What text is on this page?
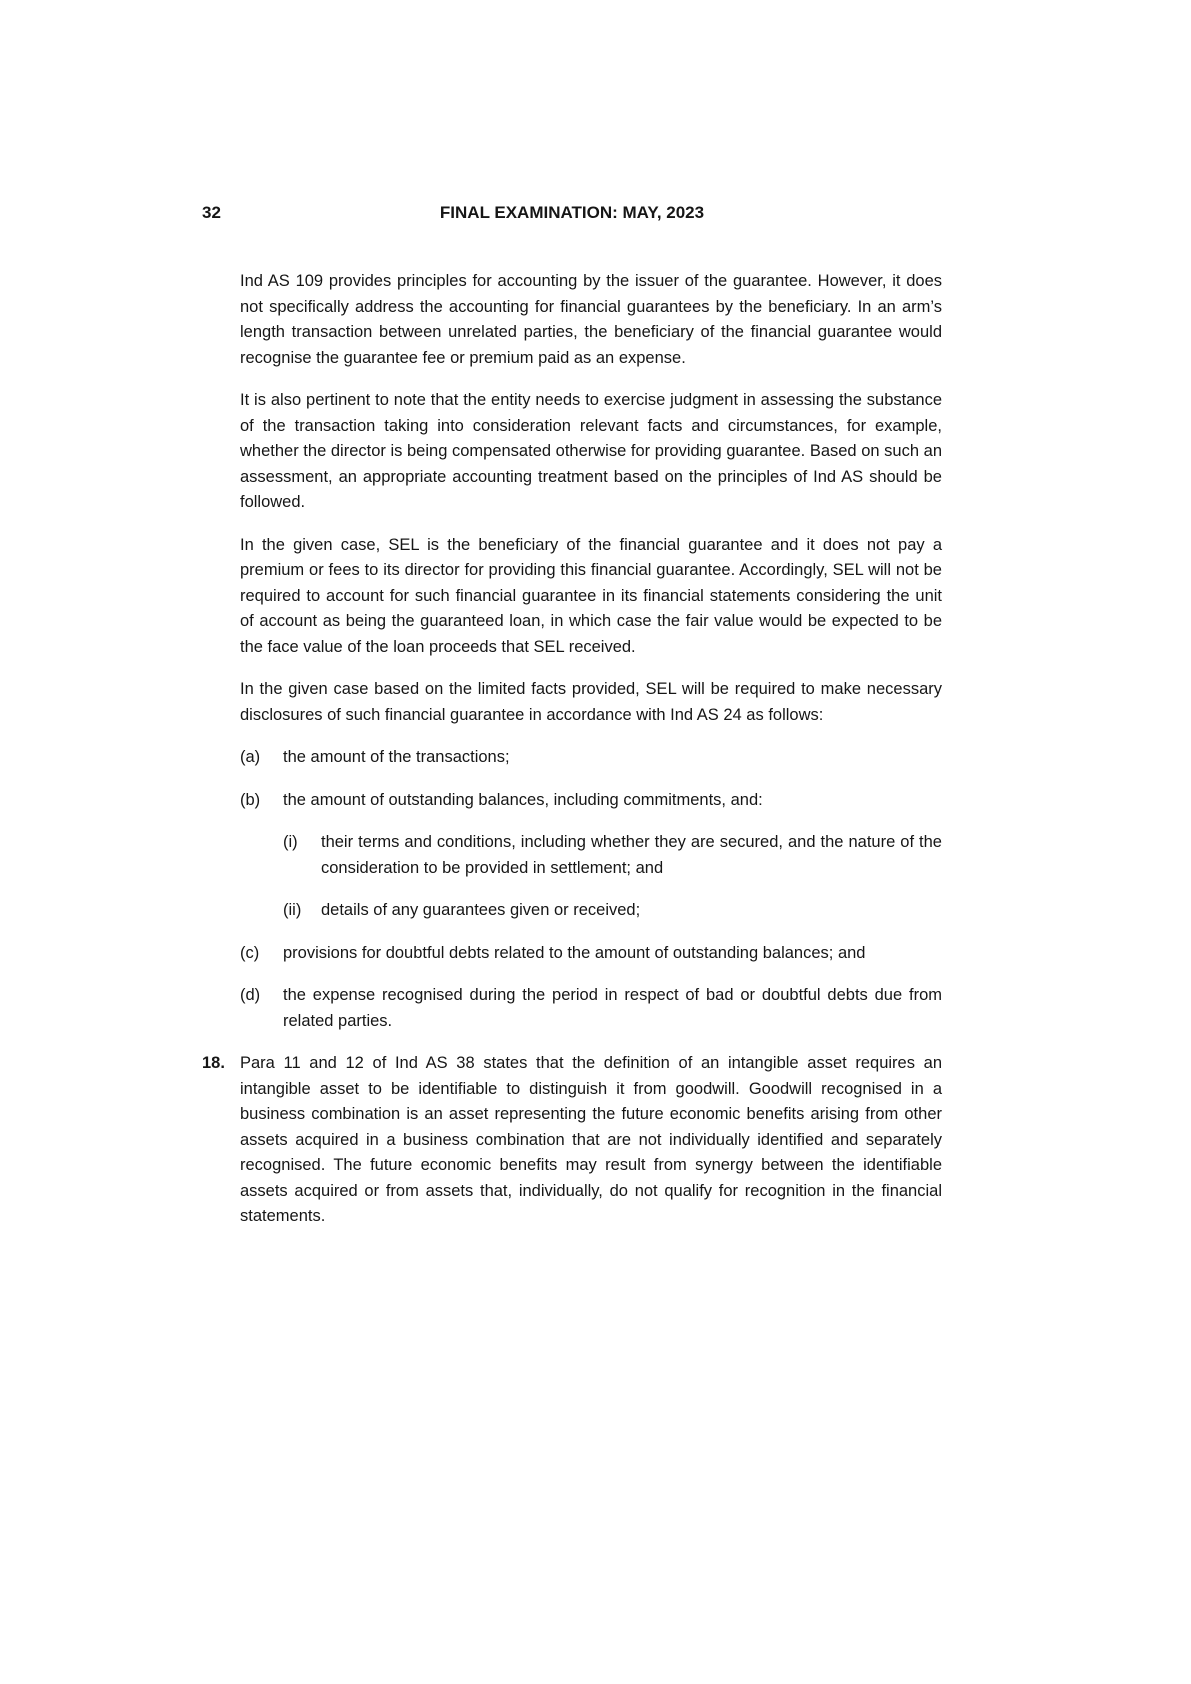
32	FINAL EXAMINATION: MAY, 2023

Ind AS 109 provides principles for accounting by the issuer of the guarantee. However, it does not specifically address the accounting for financial guarantees by the beneficiary. In an arm’s length transaction between unrelated parties, the beneficiary of the financial guarantee would recognise the guarantee fee or premium paid as an expense.

It is also pertinent to note that the entity needs to exercise judgment in assessing the substance of the transaction taking into consideration relevant facts and circumstances, for example, whether the director is being compensated otherwise for providing guarantee. Based on such an assessment, an appropriate accounting treatment based on the principles of Ind AS should be followed.

In the given case, SEL is the beneficiary of the financial guarantee and it does not pay a premium or fees to its director for providing this financial guarantee. Accordingly, SEL will not be required to account for such financial guarantee in its financial statements considering the unit of account as being the guaranteed loan, in which case the fair value would be expected to be the face value of the loan proceeds that SEL received.

In the given case based on the limited facts provided, SEL will be required to make necessary disclosures of such financial guarantee in accordance with Ind AS 24 as follows:

(a)	the amount of the transactions;
(b)	the amount of outstanding balances, including commitments, and:
(i)	their terms and conditions, including whether they are secured, and the nature of the consideration to be provided in settlement; and
(ii)	details of any guarantees given or received;
(c)	provisions for doubtful debts related to the amount of outstanding balances; and
(d)	the expense recognised during the period in respect of bad or doubtful debts due from related parties.
18. Para 11 and 12 of Ind AS 38 states that the definition of an intangible asset requires an intangible asset to be identifiable to distinguish it from goodwill. Goodwill recognised in a business combination is an asset representing the future economic benefits arising from other assets acquired in a business combination that are not individually identified and separately recognised. The future economic benefits may result from synergy between the identifiable assets acquired or from assets that, individually, do not qualify for recognition in the financial statements.
